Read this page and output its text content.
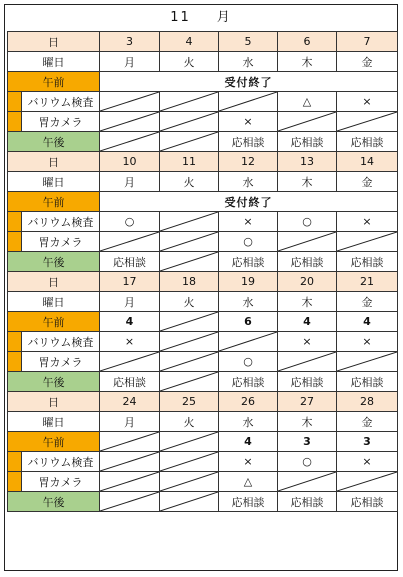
11 月
日		3	4	5	6	7
曜日		月	火	水	木	金
午前		受付終了				
	バリウム検査				△	×
	胃カメラ			×	

午後				応相談	応相談	応相談
日		10	11	12	13	14
曜日		月	火	水	木	金
午前		受付終了				
	バリウム検査	○		×	○	×
	胃カメラ			○	

午後		応相談		応相談	応相談	応相談
日		17	18	19	20	21
曜日		月	火	水	木	金
午前		4		6	4	4
	バリウム検査	×			×	×
	胃カメラ			○	

午後		応相談		応相談	応相談	応相談
日		24	25	26	27	28
曜日		月	火	水	木	金
午前				4	3	3
	バリウム検査			×	○	×
	胃カメラ			△	

午後				応相談	応相談	応相談
